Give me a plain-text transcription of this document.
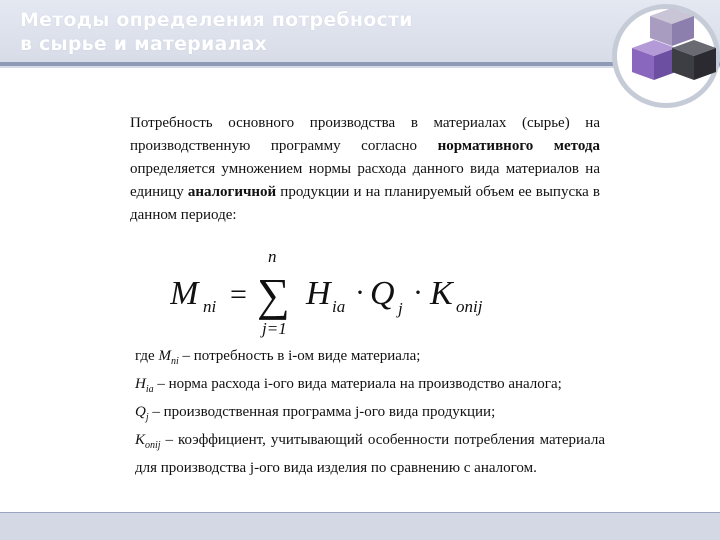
Методы определения потребности
в сырье и материалах

Потребность основного производства в материалах (сырье) на производственную программу согласно нормативного метода определяется умножением нормы расхода данного вида материалов на единицу аналогичной продукции и на планируемый объем ее выпуска в данном периоде:

M ni =
n
∑
j=1
H ia · Q j · K onij

где $M_{ni}$ – потребность в i-ом виде материала;

$H_{ia}$ – норма расхода i-ого вида материала на производство аналога;

$Q_j$ – производственная программа j-ого вида продукции;

$K_{onij}$ – коэффициент, учитывающий особенности потребления материала для производства j-ого вида изделия по сравнению с аналогом.
